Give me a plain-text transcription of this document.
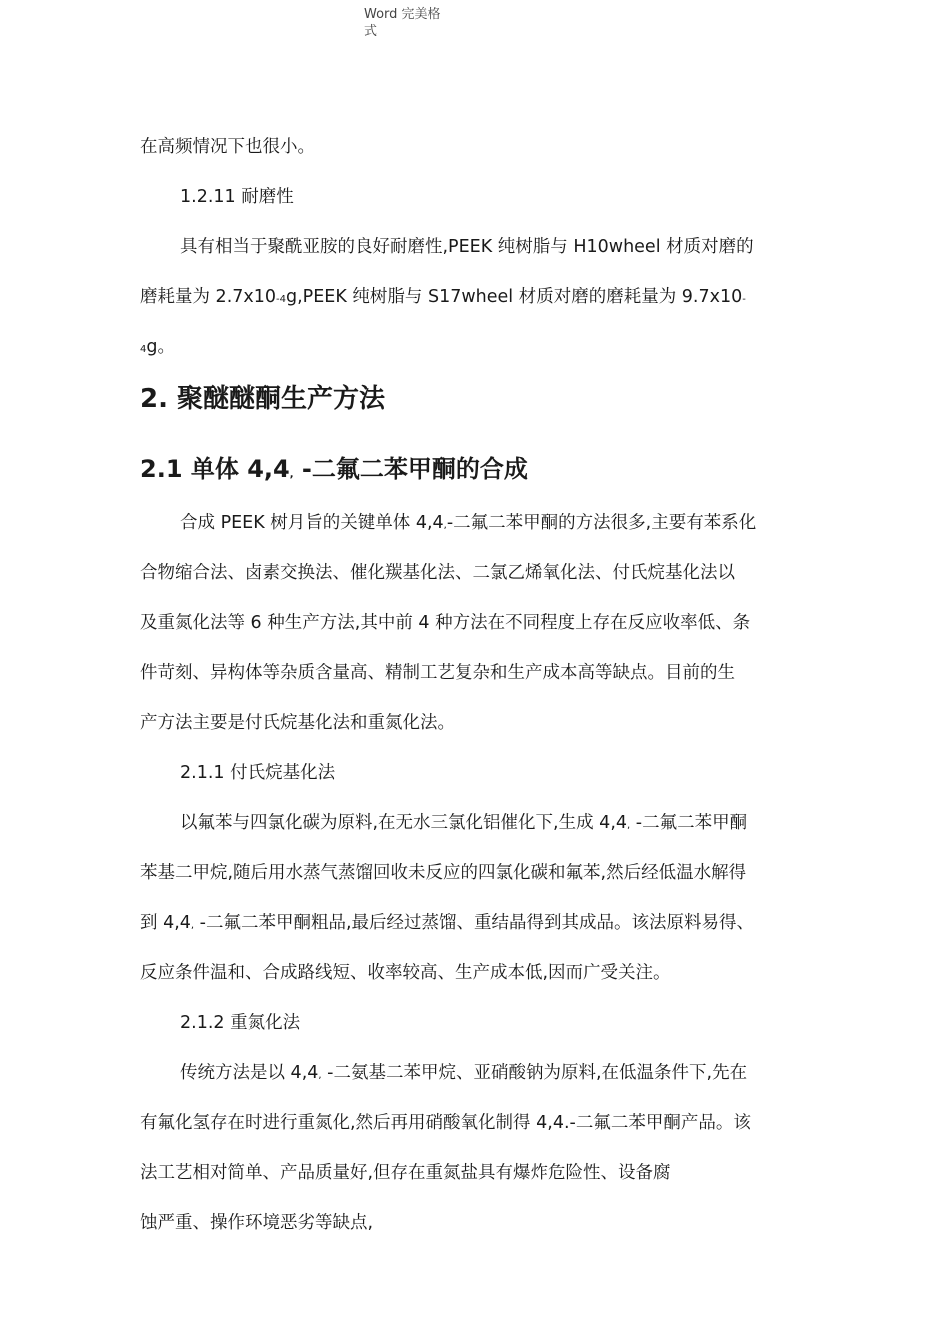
Word 完美格
式
在高频情况下也很小。
1.2.11 耐磨性
具有相当于聚酰亚胺的良好耐磨性,PEEK 纯树脂与 H10wheel 材质对磨的
磨耗量为 2.7x10-4g,PEEK 纯树脂与 S17wheel 材质对磨的磨耗量为 9.7x10-
4g。
2. 聚醚醚酮生产方法
2.1 单体 4,4, -二氟二苯甲酮的合成
合成 PEEK 树月旨的关键单体 4,4,-二氟二苯甲酮的方法很多,主要有苯系化
合物缩合法、卤素交换法、催化羰基化法、二氯乙烯氧化法、付氏烷基化法以
及重氮化法等 6 种生产方法,其中前 4 种方法在不同程度上存在反应收率低、条
件苛刻、异构体等杂质含量高、精制工艺复杂和生产成本高等缺点。目前的生
产方法主要是付氏烷基化法和重氮化法。
2.1.1 付氏烷基化法
以氟苯与四氯化碳为原料,在无水三氯化铝催化下,生成 4,4, -二氟二苯甲酮
苯基二甲烷,随后用水蒸气蒸馏回收未反应的四氯化碳和氟苯,然后经低温水解得
到 4,4, -二氟二苯甲酮粗品,最后经过蒸馏、重结晶得到其成品。该法原料易得、
反应条件温和、合成路线短、收率较高、生产成本低,因而广受关注。
2.1.2 重氮化法
传统方法是以 4,4, -二氨基二苯甲烷、亚硝酸钠为原料,在低温条件下,先在
有氟化氢存在时进行重氮化,然后再用硝酸氧化制得 4,4.-二氟二苯甲酮产品。该
法工艺相对简单、产品质量好,但存在重氮盐具有爆炸危险性、设备腐
蚀严重、操作环境恶劣等缺点,
